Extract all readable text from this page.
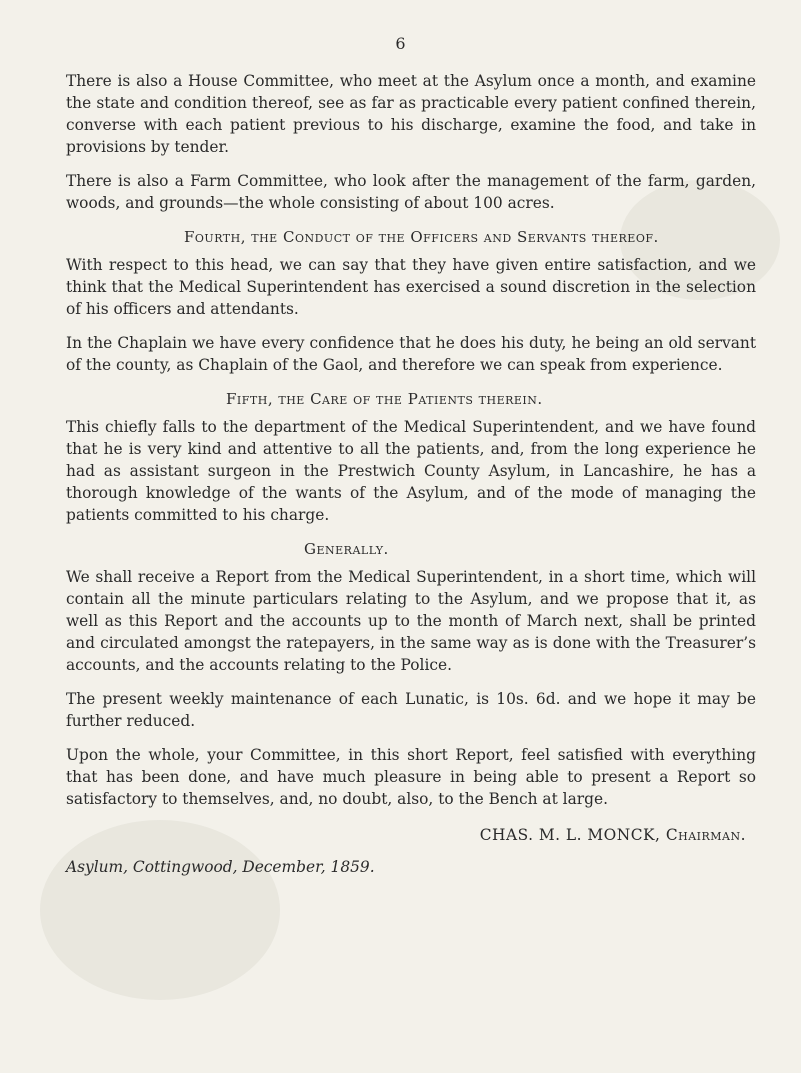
6

There is also a House Committee, who meet at the Asylum once a month, and examine the state and condition thereof, see as far as practicable every patient confined therein, converse with each patient previous to his discharge, examine the food, and take in provisions by tender.

There is also a Farm Committee, who look after the management of the farm, garden, woods, and grounds—the whole consisting of about 100 acres.

Fourth, the Conduct of the Officers and Servants thereof.

With respect to this head, we can say that they have given entire satisfaction, and we think that the Medical Superintendent has exercised a sound discretion in the selection of his officers and attendants.

In the Chaplain we have every confidence that he does his duty, he being an old servant of the county, as Chaplain of the Gaol, and therefore we can speak from experience.

Fifth, the Care of the Patients therein.

This chiefly falls to the department of the Medical Superintendent, and we have found that he is very kind and attentive to all the patients, and, from the long experience he had as assistant surgeon in the Prestwich County Asylum, in Lancashire, he has a thorough knowledge of the wants of the Asylum, and of the mode of managing the patients committed to his charge.

Generally.

We shall receive a Report from the Medical Superintendent, in a short time, which will contain all the minute particulars relating to the Asylum, and we propose that it, as well as this Report and the accounts up to the month of March next, shall be printed and circulated amongst the ratepayers, in the same way as is done with the Treasurer’s accounts, and the accounts relating to the Police.

The present weekly maintenance of each Lunatic, is 10s. 6d. and we hope it may be further reduced.

Upon the whole, your Committee, in this short Report, feel satisfied with everything that has been done, and have much pleasure in being able to present a Report so satisfactory to themselves, and, no doubt, also, to the Bench at large.

CHAS. M. L. MONCK, Chairman.
Asylum, Cottingwood, December, 1859.
